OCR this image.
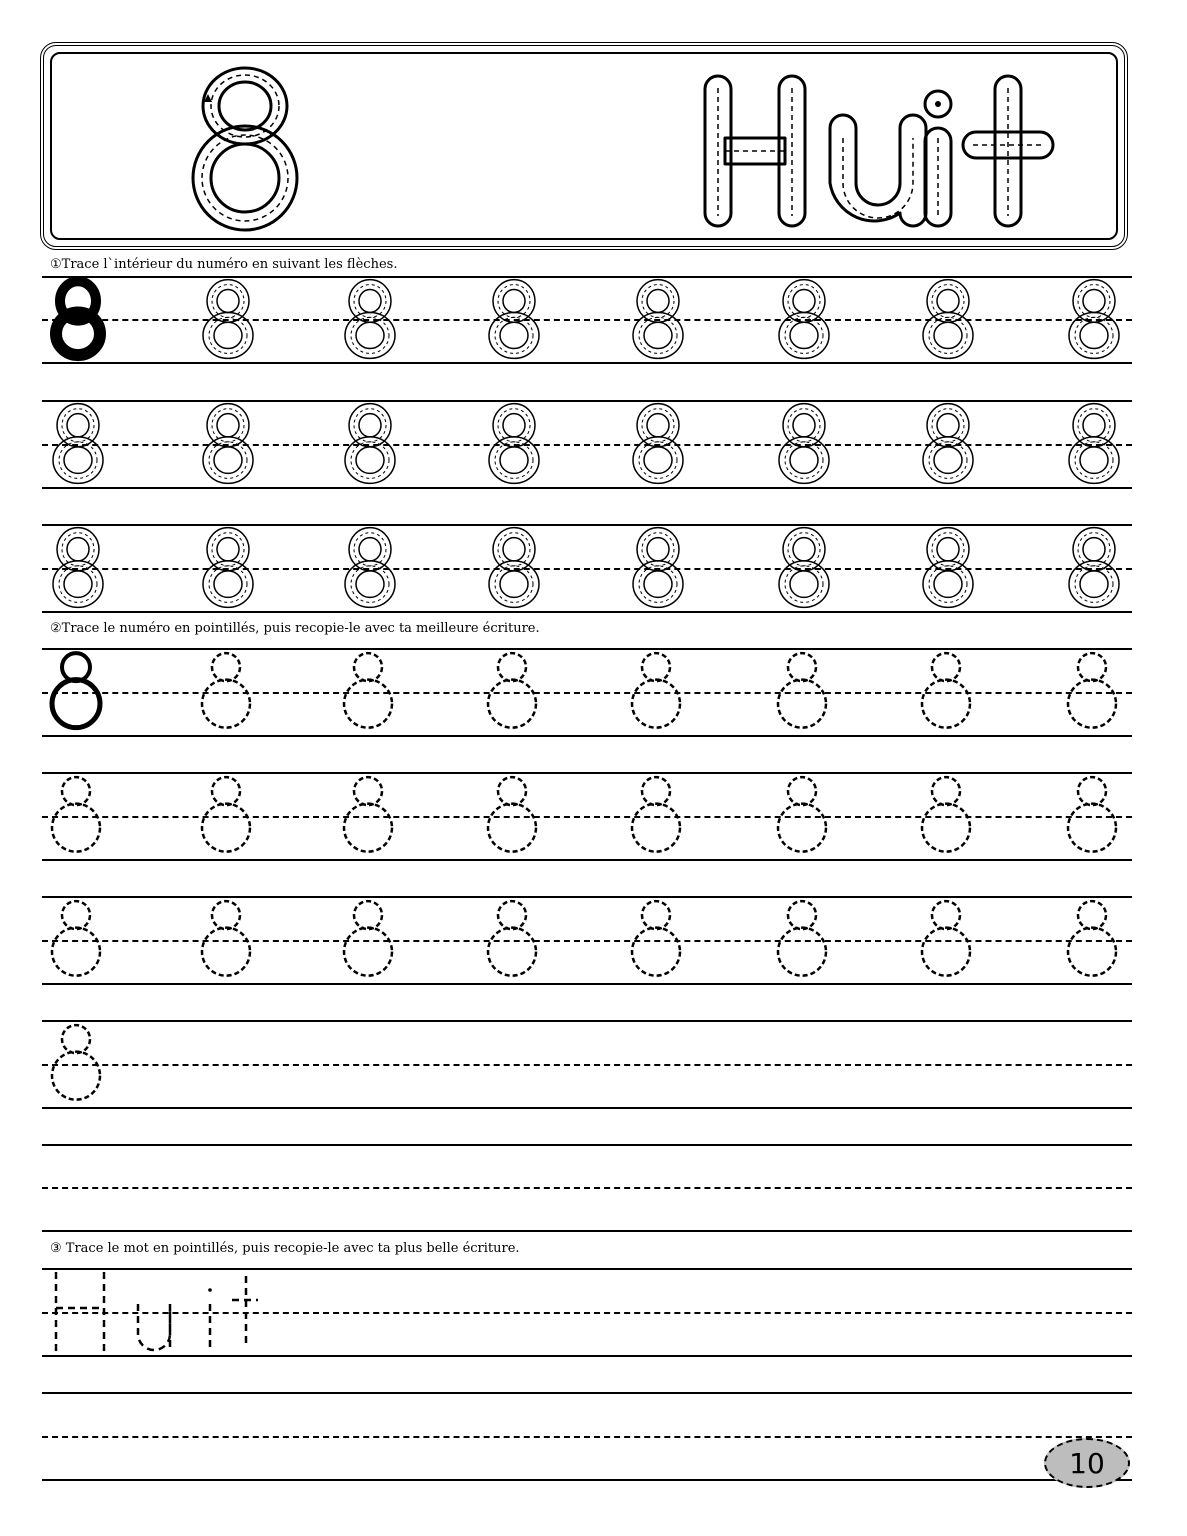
①Trace l`intérieur du numéro en suivant les flèches.
②Trace le numéro en pointillés, puis recopie-le avec ta meilleure écriture.
③ Trace le mot en pointillés, puis recopie-le avec ta plus belle écriture.
10
